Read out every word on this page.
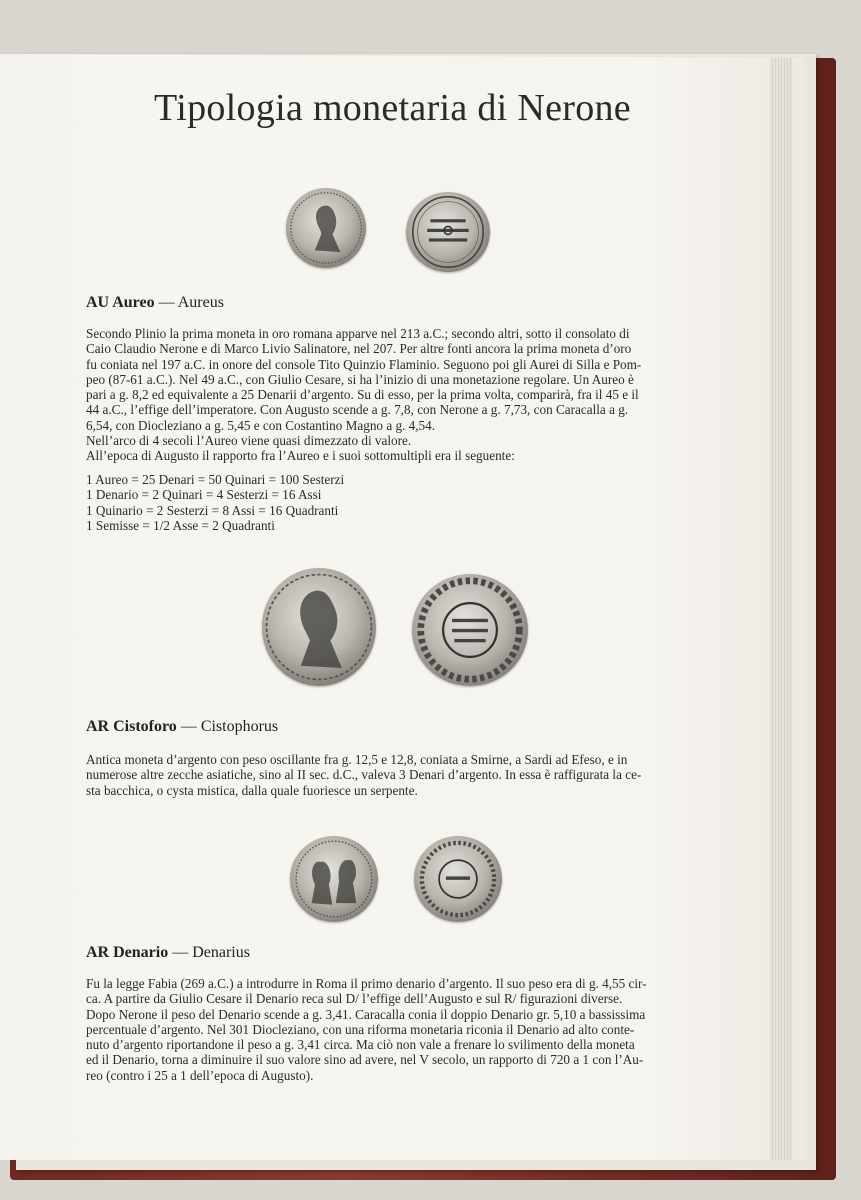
Tipologia monetaria di Nerone
AU Aureo — Aureus
Secondo Plinio la prima moneta in oro romana apparve nel 213 a.C.; secondo altri, sotto il consolato di
Caio Claudio Nerone e di Marco Livio Salinatore, nel 207. Per altre fonti ancora la prima moneta d’oro
fu coniata nel 197 a.C. in onore del console Tito Quinzio Flaminio. Seguono poi gli Aurei di Silla e Pom-
peo (87-61 a.C.). Nel 49 a.C., con Giulio Cesare, si ha l’inizio di una monetazione regolare. Un Aureo è
pari a g. 8,2 ed equivalente a 25 Denarii d’argento. Su di esso, per la prima volta, comparirà, fra il 45 e il
44 a.C., l’effige dell’imperatore. Con Augusto scende a g. 7,8, con Nerone a g. 7,73, con Caracalla a g.
6,54, con Diocleziano a g. 5,45 e con Costantino Magno a g. 4,54.
Nell’arco di 4 secoli l’Aureo viene quasi dimezzato di valore.
All’epoca di Augusto il rapporto fra l’Aureo e i suoi sottomultipli era il seguente:
1 Aureo = 25 Denari = 50 Quinari = 100 Sesterzi
1 Denario = 2 Quinari = 4 Sesterzi = 16 Assi
1 Quinario = 2 Sesterzi = 8 Assi = 16 Quadranti
1 Semisse = 1/2 Asse = 2 Quadranti
AR Cistoforo — Cistophorus
Antica moneta d’argento con peso oscillante fra g. 12,5 e 12,8, coniata a Smirne, a Sardi ad Efeso, e in
numerose altre zecche asiatiche, sino al II sec. d.C., valeva 3 Denari d’argento. In essa è raffigurata la ce-
sta bacchica, o cysta mistica, dalla quale fuoriesce un serpente.
AR Denario — Denarius
Fu la legge Fabia (269 a.C.) a introdurre in Roma il primo denario d’argento. Il suo peso era di g. 4,55 cir-
ca. A partire da Giulio Cesare il Denario reca sul D/ l’effige dell’Augusto e sul R/ figurazioni diverse.
Dopo Nerone il peso del Denario scende a g. 3,41. Caracalla conia il doppio Denario gr. 5,10 a bassissima
percentuale d’argento. Nel 301 Diocleziano, con una riforma monetaria riconia il Denario ad alto conte-
nuto d’argento riportandone il peso a g. 3,41 circa. Ma ciò non vale a frenare lo svilimento della moneta
ed il Denario, torna a diminuire il suo valore sino ad avere, nel V secolo, un rapporto di 720 a 1 con l’Au-
reo (contro i 25 a 1 dell’epoca di Augusto).
